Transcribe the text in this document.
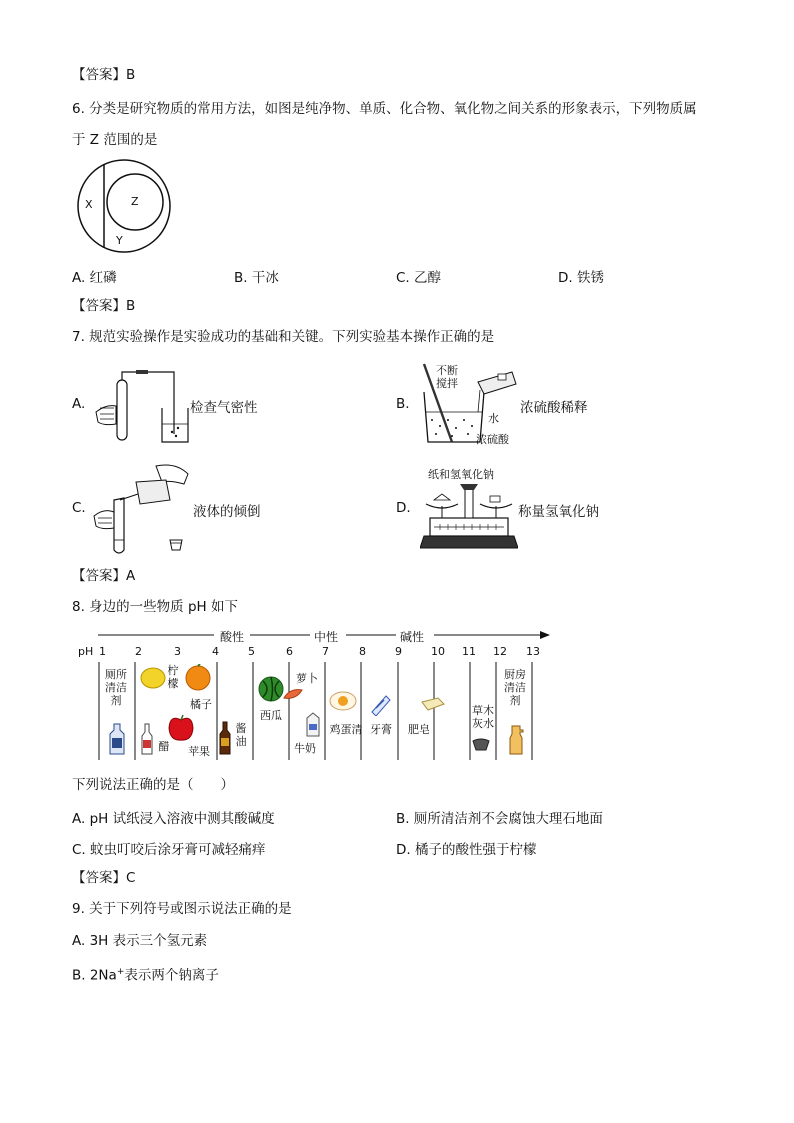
【答案】B
6. 分类是研究物质的常用方法，如图是纯净物、单质、化合物、氧化物之间关系的形象表示，下列物质属
于 Z 范围的是
X	Z
Y
A. 红磷	B. 干冰	C. 乙醇	D. 铁锈
【答案】B
7. 规范实验操作是实验成功的基础和关键。下列实验基本操作正确的是
A.	检查气密性	B.
不断
搅拌
水
浓硫酸
浓硫酸稀释
C.	液体的倾倒	D.
纸和氢氧化钠
称量氢氧化钠
【答案】A
8. 身边的一些物质 pH 如下
酸性	中性	碱性
pH 1	2	3	4	5	6	7	8	9	10 11 12 13
厕所清洁剂
柠檬
橘子
醋	苹果
酱油
西瓜
萝卜
牛奶
鸡蛋清 牙膏	肥皂
草木灰水
厨房清洁剂
下列说法正确的是（　　）
A. pH 试纸浸入溶液中测其酸碱度	B. 厕所清洁剂不会腐蚀大理石地面
C. 蚊虫叮咬后涂牙膏可减轻痛痒	D. 橘子的酸性强于柠檬
【答案】C
9. 关于下列符号或图示说法正确的是
A. 3H 表示三个氢元素
B. 2Na+表示两个钠离子
